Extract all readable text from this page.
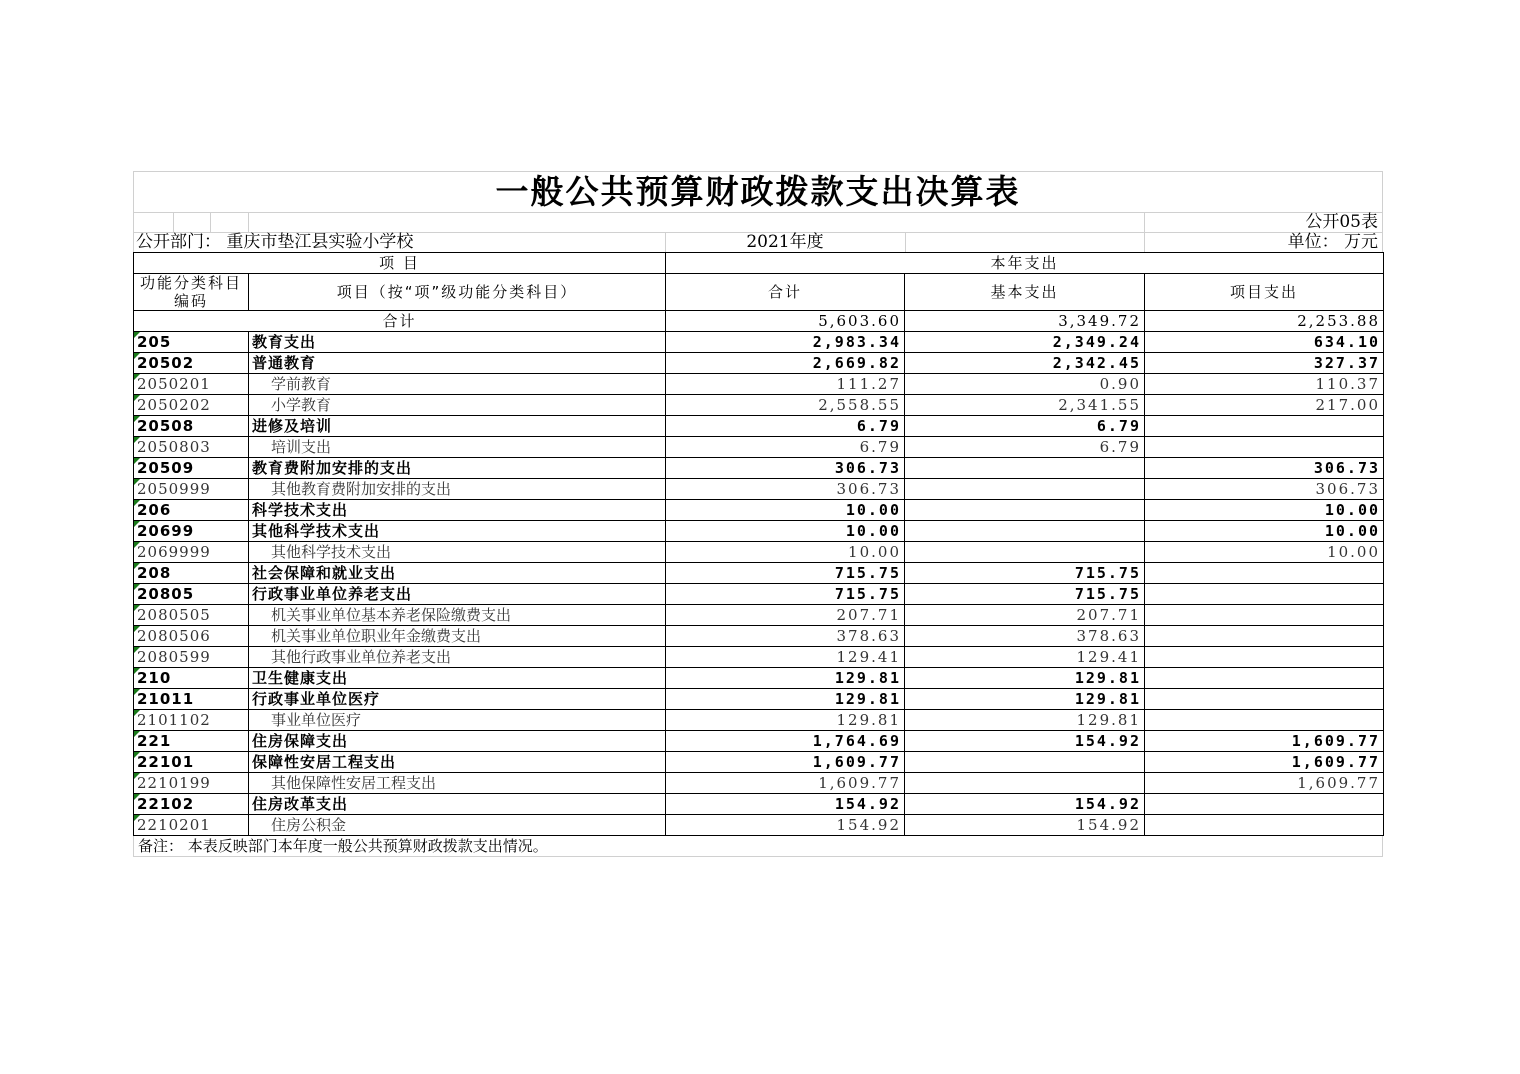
一般公共预算财政拨款支出决算表
公开05表
公开部门： 重庆市垫江县实验小学校	2021年度	单位： 万元
项 目		本年支出		
功能分类科目编码	项目（按“项”级功能分类科目）	合计	基本支出	项目支出
合计		5,603.60	3,349.72	2,253.88
205	教育支出	2,983.34	2,349.24	634.10
20502	普通教育	2,669.82	2,342.45	327.37
2050201	学前教育	111.27	0.90	110.37
2050202	小学教育	2,558.55	2,341.55	217.00
20508	进修及培训	6.79	6.79	
2050803	培训支出	6.79	6.79	
20509	教育费附加安排的支出	306.73		306.73
2050999	其他教育费附加安排的支出	306.73		306.73
206	科学技术支出	10.00		10.00
20699	其他科学技术支出	10.00		10.00
2069999	其他科学技术支出	10.00		10.00
208	社会保障和就业支出	715.75	715.75	
20805	行政事业单位养老支出	715.75	715.75	
2080505	机关事业单位基本养老保险缴费支出	207.71	207.71	
2080506	机关事业单位职业年金缴费支出	378.63	378.63	
2080599	其他行政事业单位养老支出	129.41	129.41	
210	卫生健康支出	129.81	129.81	
21011	行政事业单位医疗	129.81	129.81	
2101102	事业单位医疗	129.81	129.81	
221	住房保障支出	1,764.69	154.92	1,609.77
22101	保障性安居工程支出	1,609.77		1,609.77
2210199	其他保障性安居工程支出	1,609.77		1,609.77
22102	住房改革支出	154.92	154.92	
2210201	住房公积金	154.92	154.92	
备注： 本表反映部门本年度一般公共预算财政拨款支出情况。
